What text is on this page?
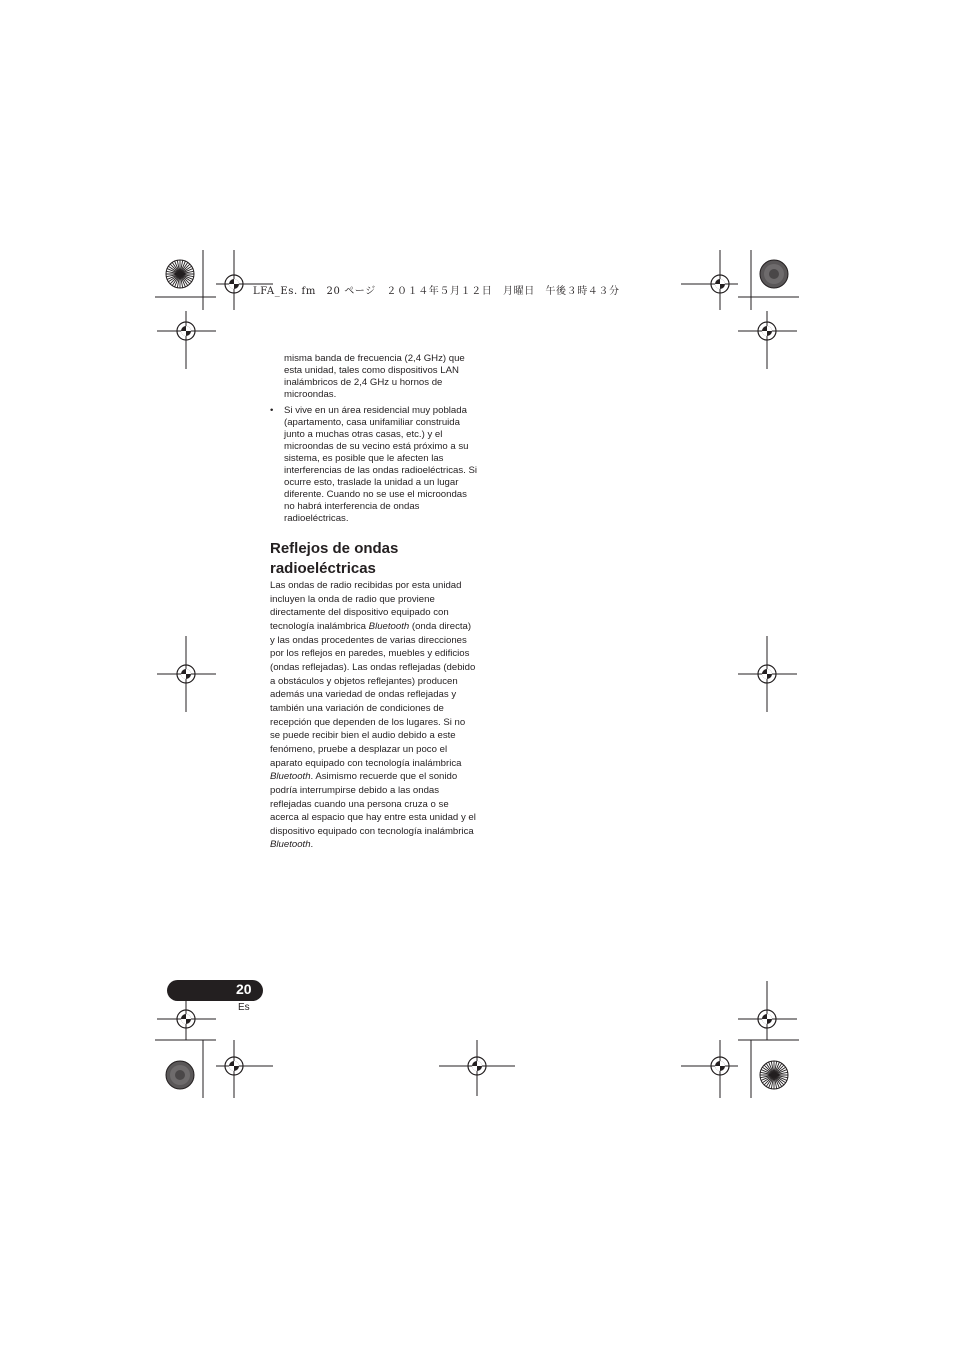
LFA_Es. fm　20 ページ　２０１４年５月１２日　月曜日　午後３時４３分
misma banda de frecuencia (2,4 GHz) que esta unidad, tales como dispositivos LAN inalámbricos de 2,4 GHz u hornos de microondas.
• Si vive en un área residencial muy poblada (apartamento, casa unifamiliar construida junto a muchas otras casas, etc.) y el microondas de su vecino está próximo a su sistema, es posible que le afecten las interferencias de las ondas radioeléctricas. Si ocurre esto, traslade la unidad a un lugar diferente. Cuando no se use el microondas no habrá interferencia de ondas radioeléctricas.
Reflejos de ondas
radioeléctricas

Las ondas de radio recibidas por esta unidad incluyen la onda de radio que proviene directamente del dispositivo equipado con tecnología inalámbrica Bluetooth (onda directa) y las ondas procedentes de varias direcciones por los reflejos en paredes, muebles y edificios (ondas reflejadas). Las ondas reflejadas (debido a obstáculos y objetos reflejantes) producen además una variedad de ondas reflejadas y también una variación de condiciones de recepción que dependen de los lugares. Si no se puede recibir bien el audio debido a este fenómeno, pruebe a desplazar un poco el aparato equipado con tecnología inalámbrica Bluetooth. Asimismo recuerde que el sonido podría interrumpirse debido a las ondas reflejadas cuando una persona cruza o se acerca al espacio que hay entre esta unidad y el dispositivo equipado con tecnología inalámbrica Bluetooth.

20
Es
